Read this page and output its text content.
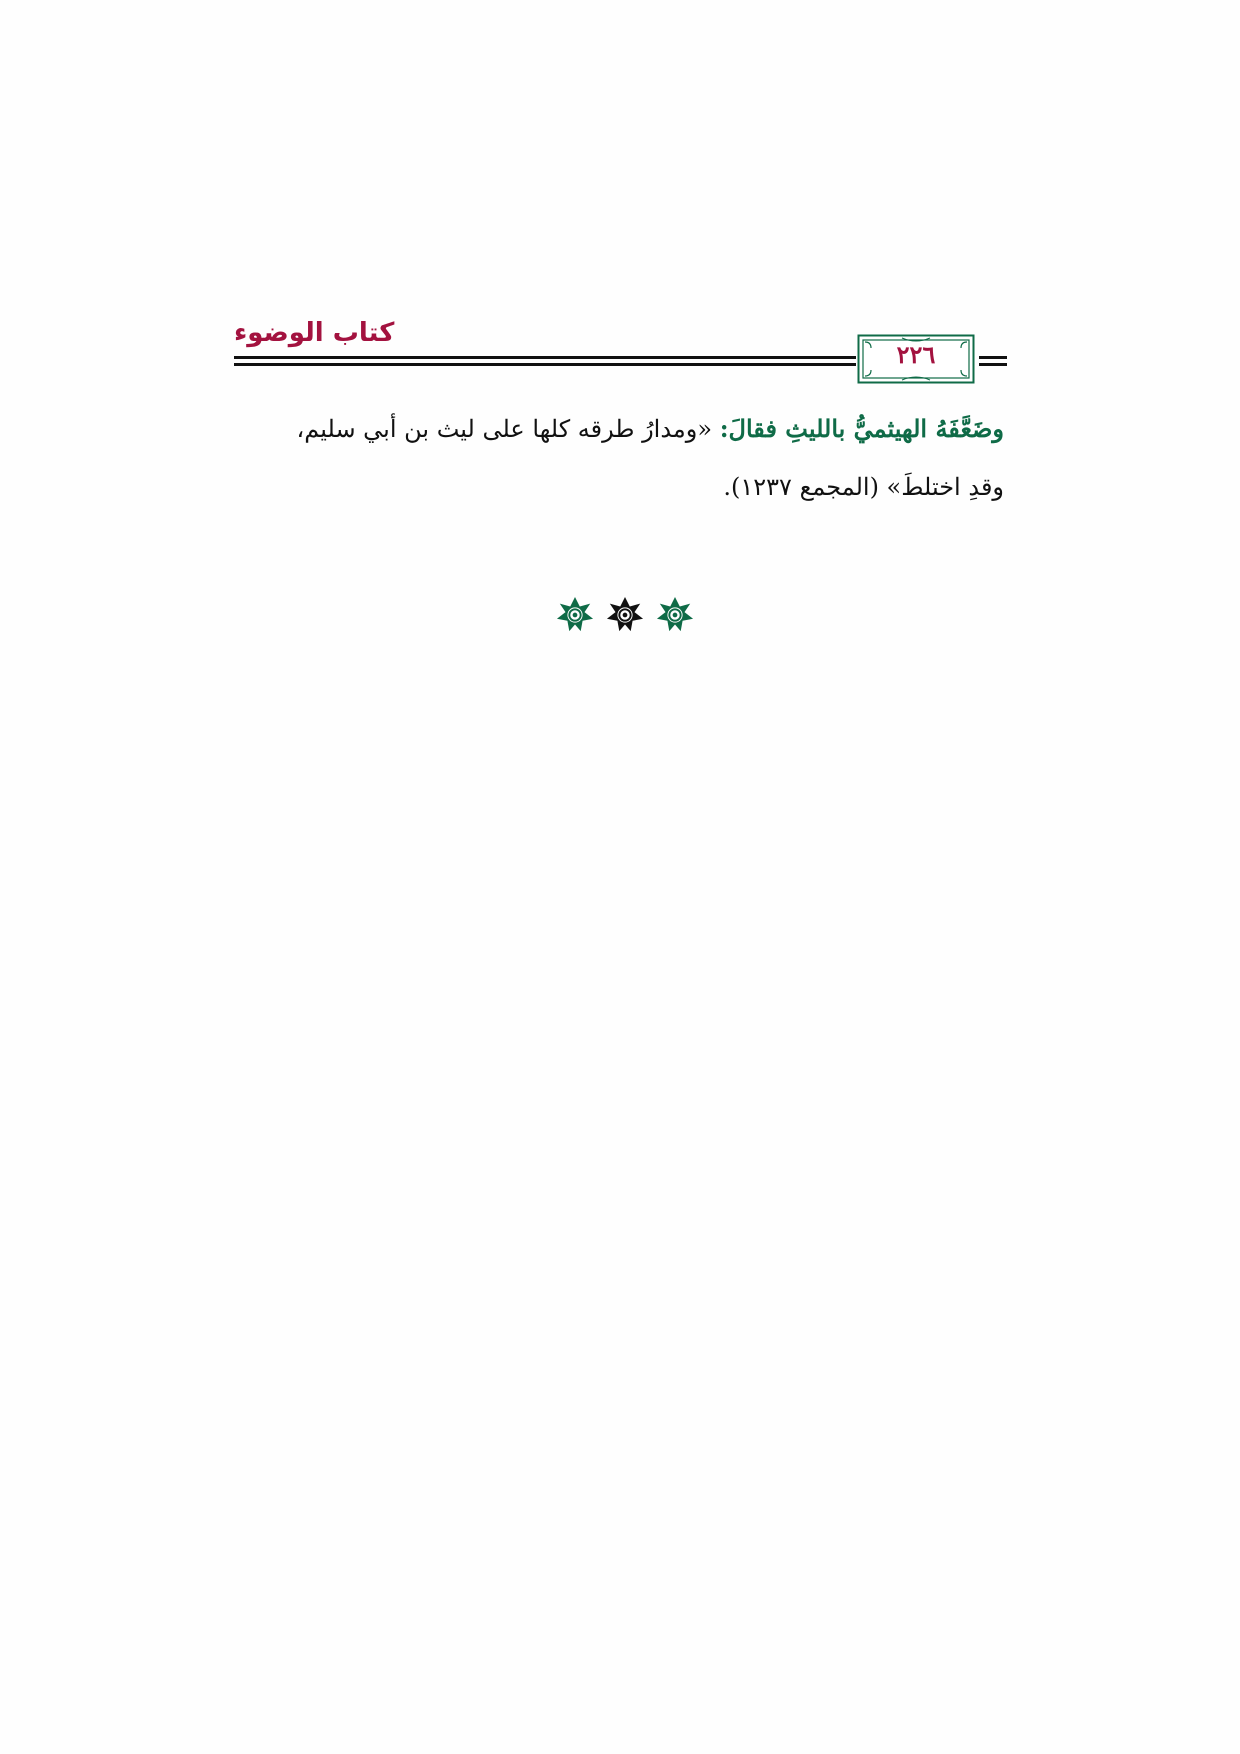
كتاب الوضوء
٢٢٦
وضَعَّفَهُ الهيثميُّ بالليثِ فقالَ: «ومدارُ طرقه كلها على ليث بن أبي سليم،
وقدِ اختلطَ» (المجمع ١٢٣٧).
